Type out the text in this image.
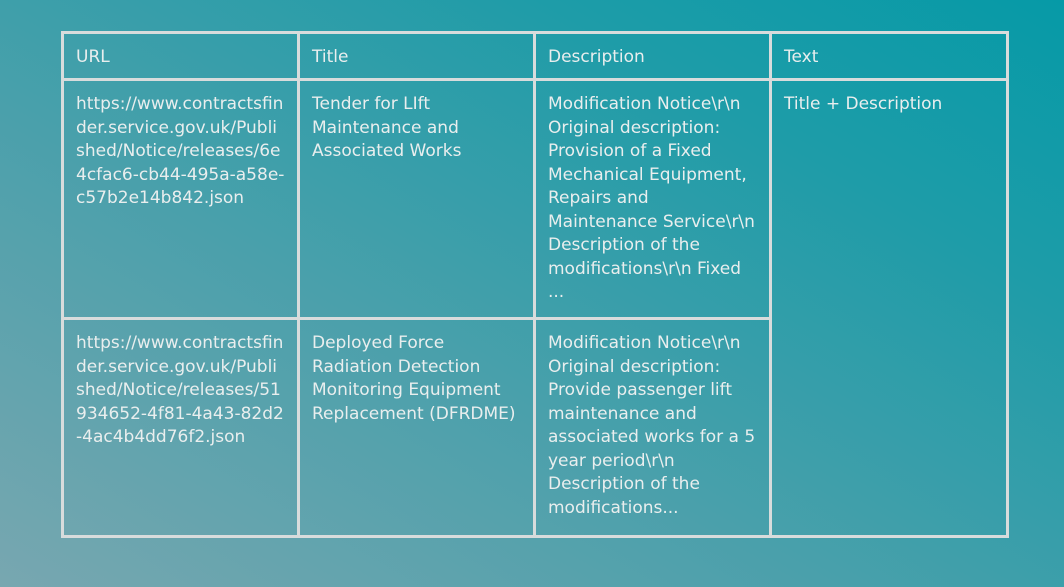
URL	Title	Description	Text
https://www.contractsfinder.service.gov.uk/Published/Notice/releases/6e4cfac6-cb44-495a-a58e-c57b2e14b842.json	Tender for LIft Maintenance and Associated Works	Modification Notice\r\n Original description: Provision of a Fixed Mechanical Equipment, Repairs and Maintenance Service\r\n Description of the modifications\r\n Fixed ...	Title + Description
https://www.contractsfinder.service.gov.uk/Published/Notice/releases/51934652-4f81-4a43-82d2-4ac4b4dd76f2.json	Deployed Force Radiation Detection Monitoring Equipment Replacement (DFRDME)	Modification Notice\r\n Original description: Provide passenger lift maintenance and associated works for a 5 year period\r\n Description of the modifications...	
